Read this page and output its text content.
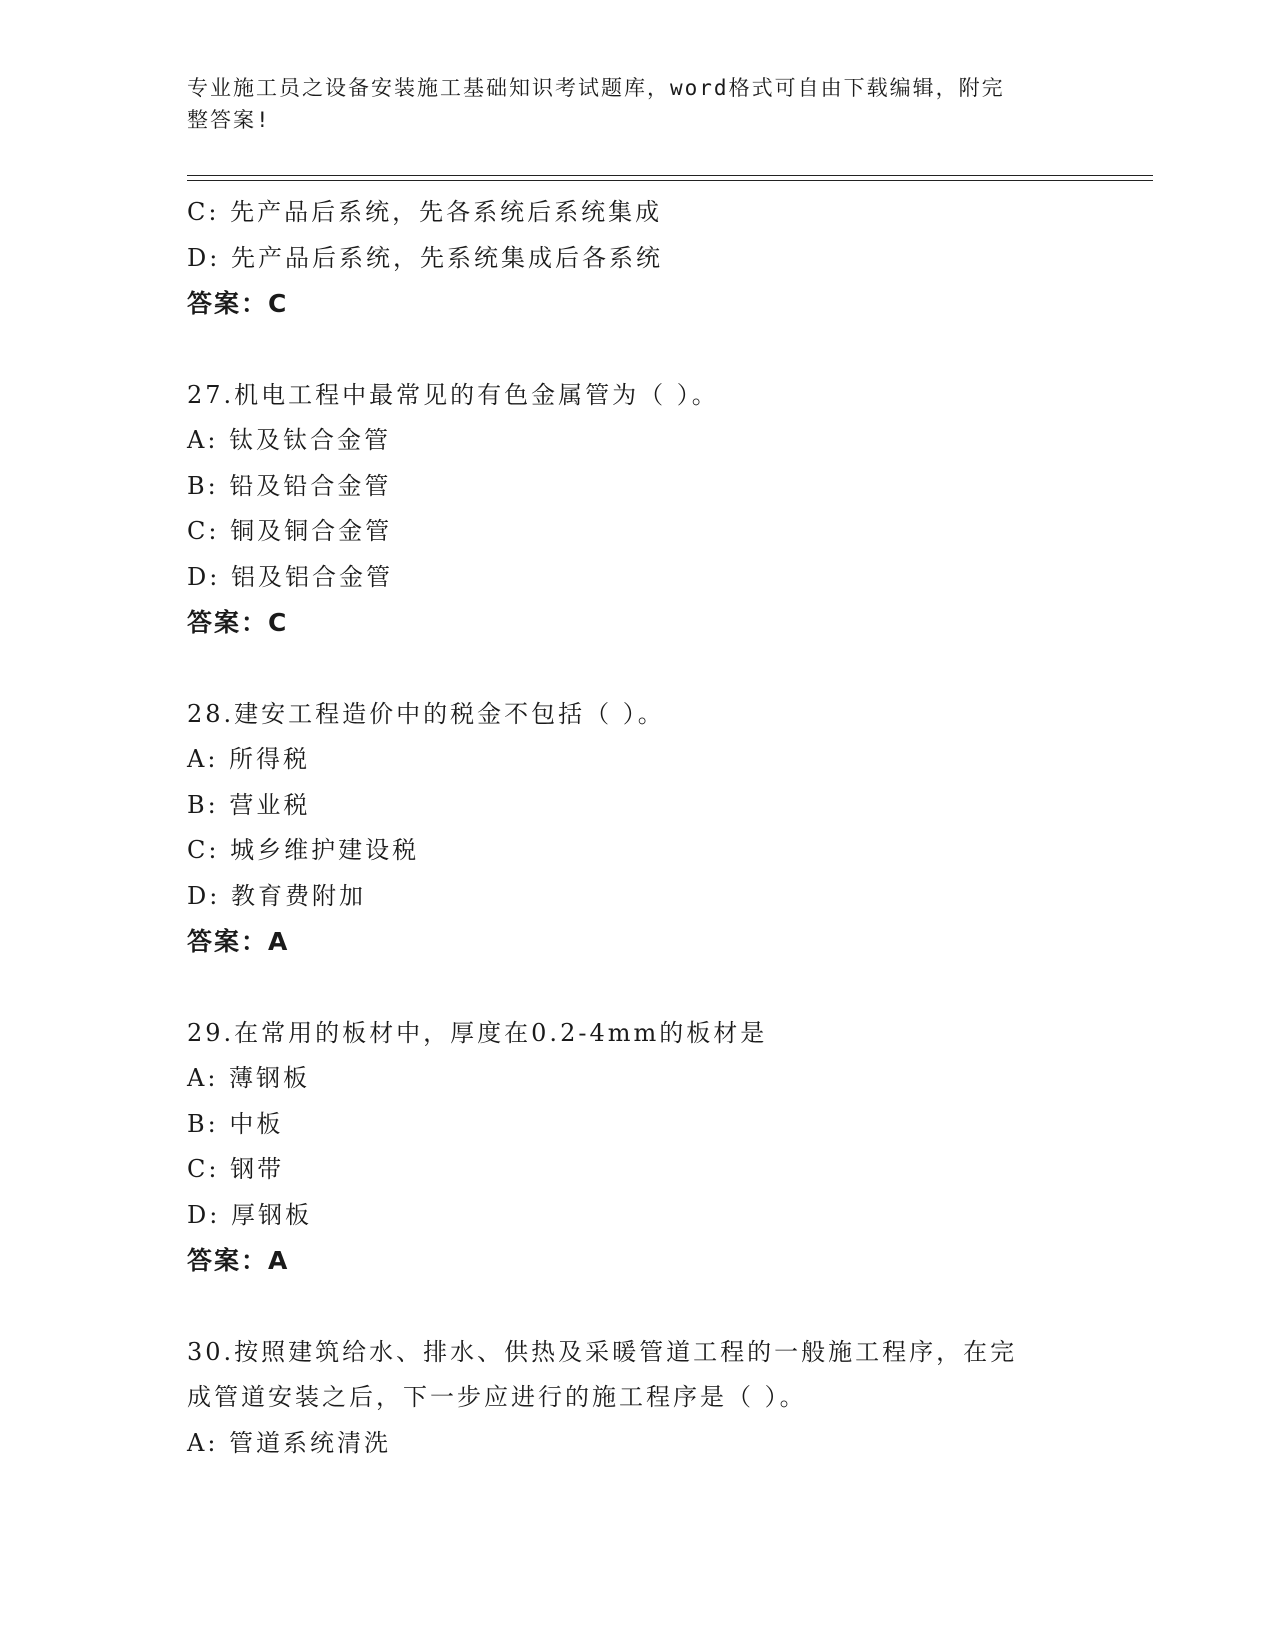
专业施工员之设备安装施工基础知识考试题库，word格式可自由下载编辑，附完
整答案!
C: 先产品后系统，先各系统后系统集成
D: 先产品后系统，先系统集成后各系统
答案：C
27.机电工程中最常见的有色金属管为（ ）。
A: 钛及钛合金管
B: 铅及铅合金管
C: 铜及铜合金管
D: 铝及铝合金管
答案：C
28.建安工程造价中的税金不包括（ ）。
A: 所得税
B: 营业税
C: 城乡维护建设税
D: 教育费附加
答案：A
29.在常用的板材中，厚度在0.2-4mm的板材是
A: 薄钢板
B: 中板
C: 钢带
D: 厚钢板
答案：A
30.按照建筑给水、排水、供热及采暖管道工程的一般施工程序，在完
成管道安装之后，下一步应进行的施工程序是（ ）。
A: 管道系统清洗
